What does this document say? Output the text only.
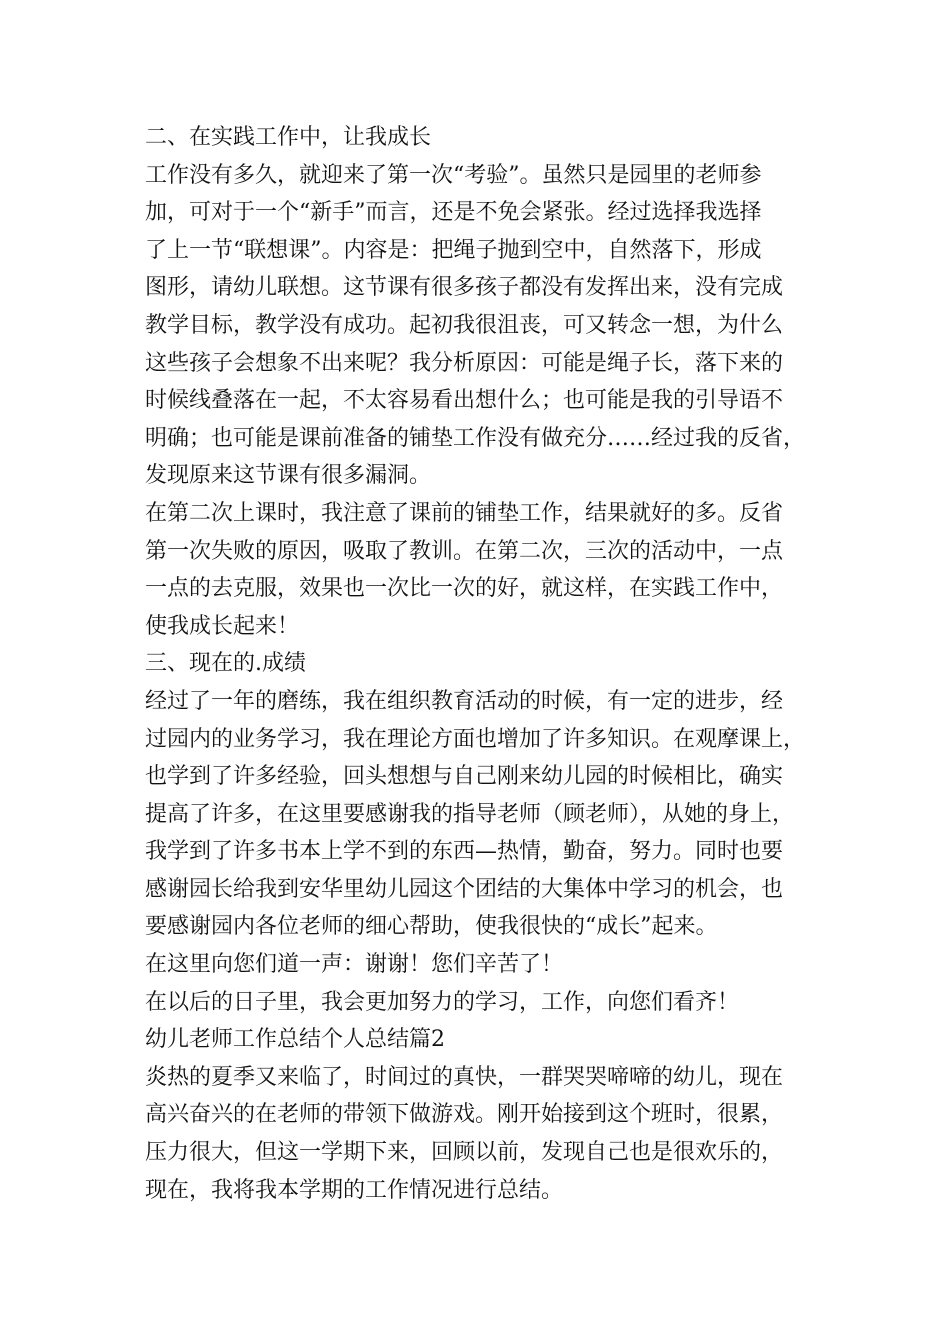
二、在实践工作中，让我成长
工作没有多久，就迎来了第一次“考验”。虽然只是园里的老师参
加，可对于一个“新手”而言，还是不免会紧张。经过选择我选择
了上一节“联想课”。内容是：把绳子抛到空中，自然落下，形成
图形，请幼儿联想。这节课有很多孩子都没有发挥出来，没有完成
教学目标，教学没有成功。起初我很沮丧，可又转念一想，为什么
这些孩子会想象不出来呢？我分析原因：可能是绳子长，落下来的
时候线叠落在一起，不太容易看出想什么；也可能是我的引导语不
明确；也可能是课前准备的铺垫工作没有做充分……经过我的反省，
发现原来这节课有很多漏洞。
在第二次上课时，我注意了课前的铺垫工作，结果就好的多。反省
第一次失败的原因，吸取了教训。在第二次，三次的活动中，一点
一点的去克服，效果也一次比一次的好，就这样，在实践工作中，
使我成长起来！
三、现在的.成绩
经过了一年的磨练，我在组织教育活动的时候，有一定的进步，经
过园内的业务学习，我在理论方面也增加了许多知识。在观摩课上，
也学到了许多经验，回头想想与自己刚来幼儿园的时候相比，确实
提高了许多，在这里要感谢我的指导老师（顾老师），从她的身上，
我学到了许多书本上学不到的东西—热情，勤奋，努力。同时也要
感谢园长给我到安华里幼儿园这个团结的大集体中学习的机会，也
要感谢园内各位老师的细心帮助，使我很快的“成长”起来。
在这里向您们道一声：谢谢！您们辛苦了！
在以后的日子里，我会更加努力的学习，工作，向您们看齐！
幼儿老师工作总结个人总结篇2
炎热的夏季又来临了，时间过的真快，一群哭哭啼啼的幼儿，现在
高兴奋兴的在老师的带领下做游戏。刚开始接到这个班时，很累，
压力很大，但这一学期下来，回顾以前，发现自己也是很欢乐的，
现在，我将我本学期的工作情况进行总结。
